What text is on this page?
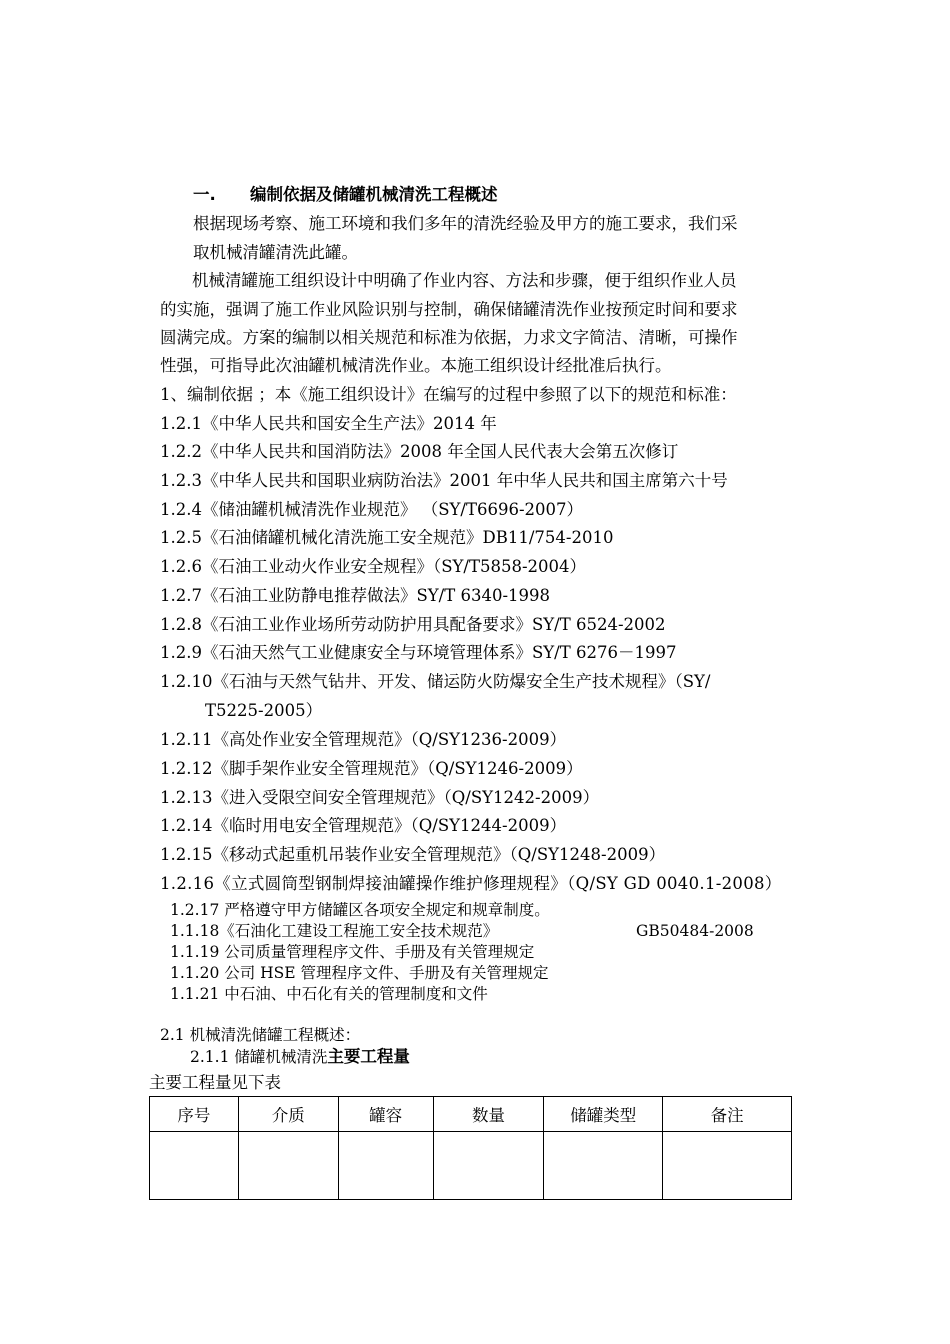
一. 编制依据及储罐机械清洗工程概述
根据现场考察、施工环境和我们多年的清洗经验及甲方的施工要求，我们采
取机械清罐清洗此罐。
机械清罐施工组织设计中明确了作业内容、方法和步骤，便于组织作业人员
的实施，强调了施工作业风险识别与控制，确保储罐清洗作业按预定时间和要求
圆满完成。方案的编制以相关规范和标准为依据，力求文字简洁、清晰，可操作
性强，可指导此次油罐机械清洗作业。本施工组织设计经批准后执行。
1、编制依据 ；本《施工组织设计》在编写的过程中参照了以下的规范和标准：
1.2.1《中华人民共和国安全生产法》2014 年
1.2.2《中华人民共和国消防法》2008 年全国人民代表大会第五次修订
1.2.3《中华人民共和国职业病防治法》2001 年中华人民共和国主席第六十号
1.2.4《储油罐机械清洗作业规范》 （SY/T6696-2007）
1.2.5《石油储罐机械化清洗施工安全规范》DB11/754-2010
1.2.6《石油工业动火作业安全规程》（SY/T5858-2004）
1.2.7《石油工业防静电推荐做法》SY/T 6340-1998
1.2.8《石油工业作业场所劳动防护用具配备要求》SY/T 6524-2002
1.2.9《石油天然气工业健康安全与环境管理体系》SY/T 6276－1997
1.2.10《石油与天然气钻井、开发、储运防火防爆安全生产技术规程》（SY/
T5225-2005）
1.2.11《高处作业安全管理规范》（Q/SY1236-2009）
1.2.12《脚手架作业安全管理规范》（Q/SY1246-2009）
1.2.13《进入受限空间安全管理规范》（Q/SY1242-2009）
1.2.14《临时用电安全管理规范》（Q/SY1244-2009）
1.2.15《移动式起重机吊装作业安全管理规范》（Q/SY1248-2009）
1.2.16《立式圆筒型钢制焊接油罐操作维护修理规程》（Q/SY GD 0040.1-2008）
1.2.17 严格遵守甲方储罐区各项安全规定和规章制度。
1.1.18《石油化工建设工程施工安全技术规范》	GB50484-2008
1.1.19 公司质量管理程序文件、手册及有关管理规定
1.1.20 公司 HSE 管理程序文件、手册及有关管理规定
1.1.21 中石油、中石化有关的管理制度和文件
2.1 机械清洗储罐工程概述：
2.1.1 储罐机械清洗主要工程量
主要工程量见下表
序号	介质	罐容	数量	储罐类型	备注
